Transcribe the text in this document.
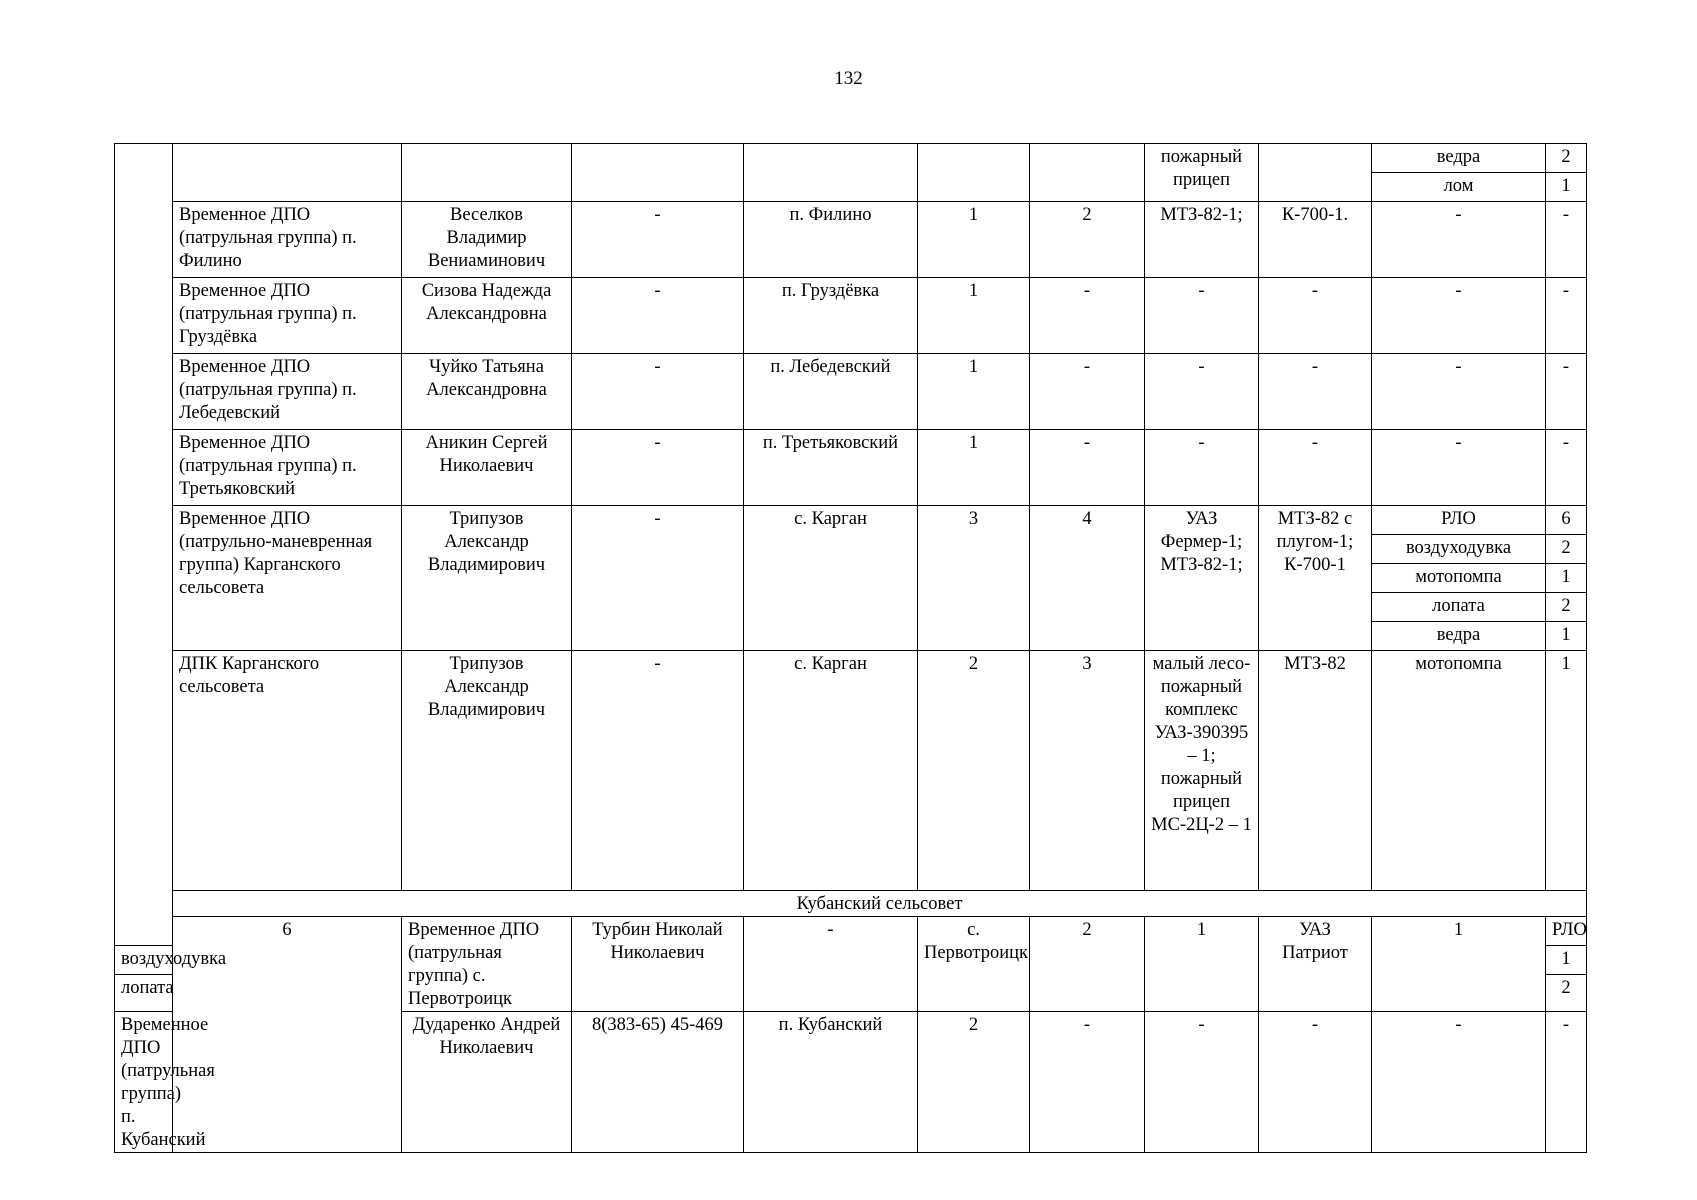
132
							пожарный прицеп		ведра	2	
									лом	1	
	Временное ДПО (патрульная группа) п. Филино	Веселков Владимир Вениаминович	-	п. Филино	1	2	МТЗ-82-1;	К-700-1.	-	-	
	Временное ДПО (патрульная группа) п. Груздёвка	Сизова Надежда Александровна	-	п. Груздёвка	1	-	-	-	-	-	
	Временное ДПО (патрульная группа) п. Лебедевский	Чуйко Татьяна Александровна	-	п. Лебедевский	1	-	-	-	-	-	
	Временное ДПО (патрульная группа) п. Третьяковский	Аникин Сергей Николаевич	-	п. Третьяковский	1	-	-	-	-	-	
	Временное ДПО (патрульно-маневренная группа) Карганского сельсовета	Трипузов Александр Владимирович	-	с. Карган	3	4	УАЗ Фермер-1; МТЗ-82-1;	МТЗ-82 с плугом-1; К-700-1	РЛО	6	
									воздуходувка	2	
									мотопомпа	1	
									лопата	2	
									ведра	1	
	ДПК Карганского сельсовета	Трипузов Александр Владимирович	-	с. Карган	2	3	малый лесо-пожарный комплекс УАЗ-390395 – 1; пожарный прицеп МС-2Ц-2 – 1	МТЗ-82	мотопомпа	1	
	Кубанский сельсовет										
	6	Временное ДПО (патрульная группа) с. Первотроицк	Турбин Николай Николаевич	-	с. Первотроицк	2	1	УАЗ Патриот	1	РЛО	
воздуходувка										1	
лопата										2	
Временное ДПО (патрульная группа) п. Кубанский		Дударенко Андрей Николаевич	8(383-65) 45-469	п. Кубанский	2	-	-	-	-	-	
